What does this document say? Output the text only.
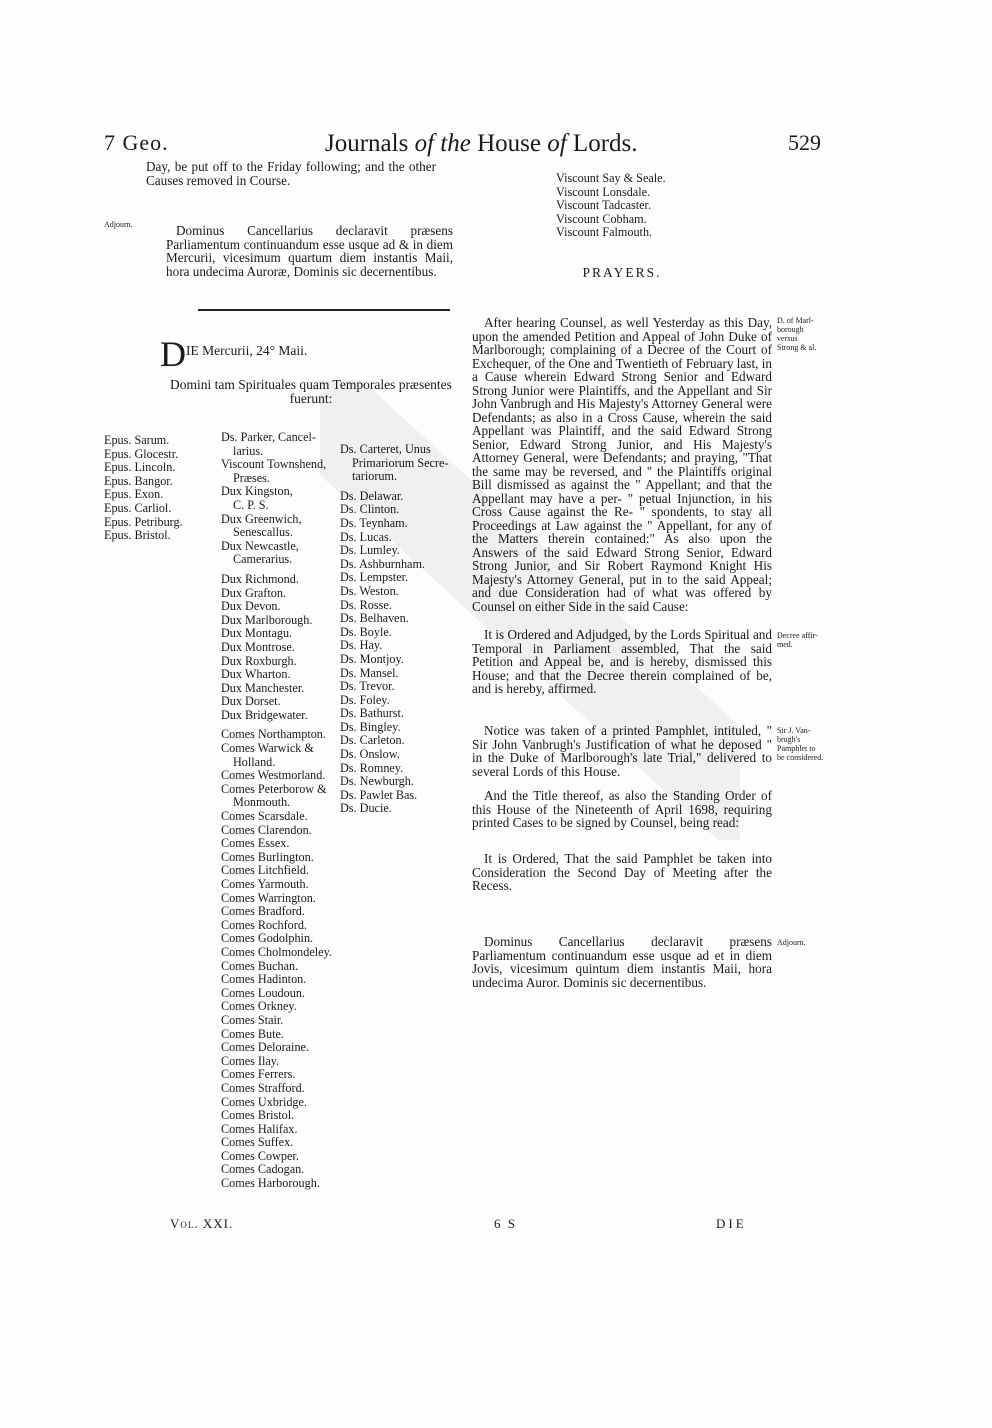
7 Geo.	Journals of the House of Lords.	529
Day, be put off to the Friday following; and the other Causes removed in Course.
Adjourn.	Dominus Cancellarius declaravit præsens Parliamentum continuandum esse usque ad & in diem Mercurii, vicesimum quartum diem instantis Maii, hora undecima Auroræ, Dominis sic decernentibus.
D IE Mercurii, 24° Maii.
Domini tam Spirituales quam Temporales præsentes fuerunt:
Epus. Sarum.
Epus. Glocestr.
Epus. Lincoln.
Epus. Bangor.
Epus. Exon.
Epus. Carliol.
Epus. Petriburg.
Epus. Bristol.
Ds. Parker, Cancel-
larius.
Viscount Townshend,
Præses.
Dux Kingston,
C. P. S.
Dux Greenwich,
Senescallus.
Dux Newcastle,
Camerarius.
Dux Richmond.
Dux Grafton.
Dux Devon.
Dux Marlborough.
Dux Montagu.
Dux Montrose.
Dux Roxburgh.
Dux Wharton.
Dux Manchester.
Dux Dorset.
Dux Bridgewater.
Comes Northampton.
Comes Warwick &
Holland.
Comes Westmorland.
Comes Peterborow &
Monmouth.
Comes Scarsdale.
Comes Clarendon.
Comes Essex.
Comes Burlington.
Comes Litchfield.
Comes Yarmouth.
Comes Warrington.
Comes Bradford.
Comes Rochford.
Comes Godolphin.
Comes Cholmondeley.
Comes Buchan.
Comes Hadinton.
Comes Loudoun.
Comes Orkney.
Comes Stair.
Comes Bute.
Comes Deloraine.
Comes Ilay.
Comes Ferrers.
Comes Strafford.
Comes Uxbridge.
Comes Bristol.
Comes Halifax.
Comes Suffex.
Comes Cowper.
Comes Cadogan.
Comes Harborough.
Ds. Carteret, Unus
Primariorum Secre-
tariorum.
Ds. Delawar.
Ds. Clinton.
Ds. Teynham.
Ds. Lucas.
Ds. Lumley.
Ds. Ashburnham.
Ds. Lempster.
Ds. Weston.
Ds. Rosse.
Ds. Belhaven.
Ds. Boyle.
Ds. Hay.
Ds. Montjoy.
Ds. Mansel.
Ds. Trevor.
Ds. Foley.
Ds. Bathurst.
Ds. Bingley.
Ds. Carleton.
Ds. Onslow.
Ds. Romney.
Ds. Newburgh.
Ds. Pawlet Bas.
Ds. Ducie.
Viscount Say & Seale.
Viscount Lonsdale.
Viscount Tadcaster.
Viscount Cobham.
Viscount Falmouth.
PRAYERS.
After hearing Counsel, as well Yesterday as this Day, upon the amended Petition and Appeal of John Duke of Marlborough; complaining of a Decree of the Court of Exchequer, of the One and Twentieth of February last, in a Cause wherein Edward Strong Senior and Edward Strong Junior were Plaintiffs, and the Appellant and Sir John Vanbrugh and His Majesty's Attorney General were Defendants; as also in a Cross Cause, wherein the said Appellant was Plaintiff, and the said Edward Strong Senior, Edward Strong Junior, and His Majesty's Attorney General, were Defendants; and praying, "That the same may be reversed, and " the Plaintiffs original Bill dismissed as against the " Appellant; and that the Appellant may have a per- " petual Injunction, in his Cross Cause against the Re- " spondents, to stay all Proceedings at Law against the " Appellant, for any of the Matters therein contained:" As also upon the Answers of the said Edward Strong Senior, Edward Strong Junior, and Sir Robert Raymond Knight His Majesty's Attorney General, put in to the said Appeal; and due Consideration had of what was offered by Counsel on either Side in the said Cause:
It is Ordered and Adjudged, by the Lords Spiritual and Temporal in Parliament assembled, That the said Petition and Appeal be, and is hereby, dismissed this House; and that the Decree therein complained of be, and is hereby, affirmed.
Notice was taken of a printed Pamphlet, intituled, " Sir John Vanbrugh's Justification of what he deposed " in the Duke of Marlborough's late Trial," delivered to several Lords of this House.
And the Title thereof, as also the Standing Order of this House of the Nineteenth of April 1698, requiring printed Cases to be signed by Counsel, being read:
It is Ordered, That the said Pamphlet be taken into Consideration the Second Day of Meeting after the Recess.
Dominus Cancellarius declaravit præsens Parliamentum continuandum esse usque ad et in diem Jovis, vicesimum quintum diem instantis Maii, hora undecima Auror. Dominis sic decernentibus.
D. of Marl-
borough
versus
Strong & al.
Decree affir-
med.
Sir J. Van-
brugh's
Pamphlet to
be considered.
Adjourn.
Vol. XXI.	6 S	DIE
